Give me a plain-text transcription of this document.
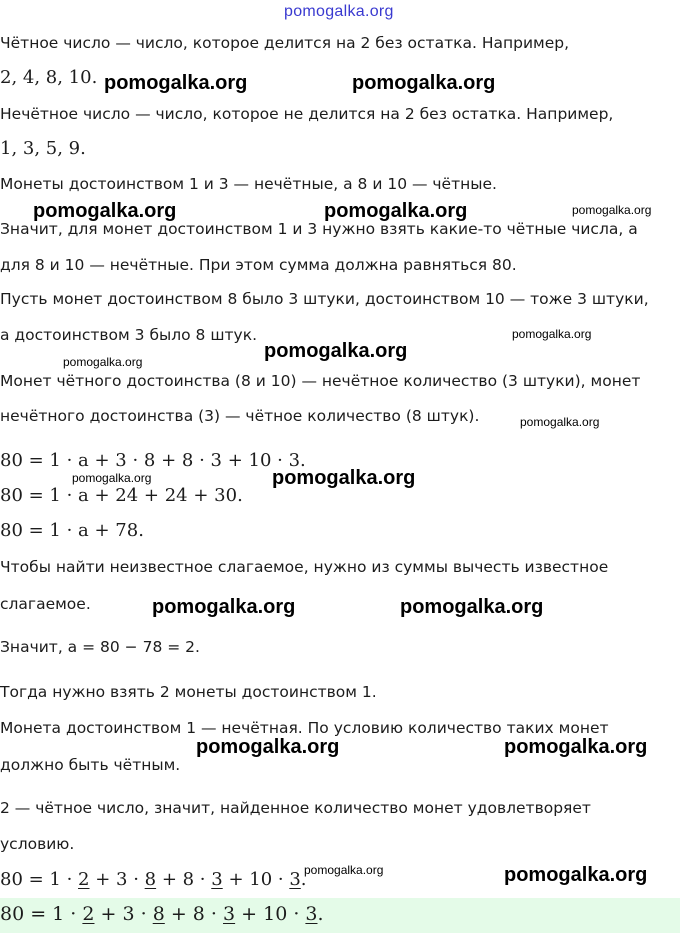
pomogalka.org
Чётное число — число, которое делится на 2 без остатка. Например,
2, 4, 8, 10.
Нечётное число — число, которое не делится на 2 без остатка. Например,
1, 3, 5, 9.
Монеты достоинством 1 и 3 — нечётные, а 8 и 10 — чётные.
Значит, для монет достоинством 1 и 3 нужно взять какие-то чётные числа, а
для 8 и 10 — нечётные. При этом сумма должна равняться 80.
Пусть монет достоинством 8 было 3 штуки, достоинством 10 — тоже 3 штуки,
а достоинством 3 было 8 штук.
Монет чётного достоинства (8 и 10) — нечётное количество (3 штуки), монет
нечётного достоинства (3) — чётное количество (8 штук).
80 = 1 · a + 3 · 8 + 8 · 3 + 10 · 3.
80 = 1 · a + 24 + 24 + 30.
80 = 1 · a + 78.
Чтобы найти неизвестное слагаемое, нужно из суммы вычесть известное
слагаемое.
Значит, a = 80 − 78 = 2.
Тогда нужно взять 2 монеты достоинством 1.
Монета достоинством 1 — нечётная. По условию количество таких монет
должно быть чётным.
2 — чётное число, значит, найденное количество монет удовлетворяет
условию.
80 = 1 · 2 + 3 · 8 + 8 · 3 + 10 · 3.
80 = 1 · 2 + 3 · 8 + 8 · 3 + 10 · 3.
pomogalka.org	pomogalka.org
pomogalka.org	pomogalka.org	pomogalka.org
pomogalka.org
pomogalka.org
pomogalka.org
pomogalka.org
pomogalka.org	pomogalka.org
pomogalka.org	pomogalka.org
pomogalka.org	pomogalka.org
pomogalka.org	pomogalka.org
